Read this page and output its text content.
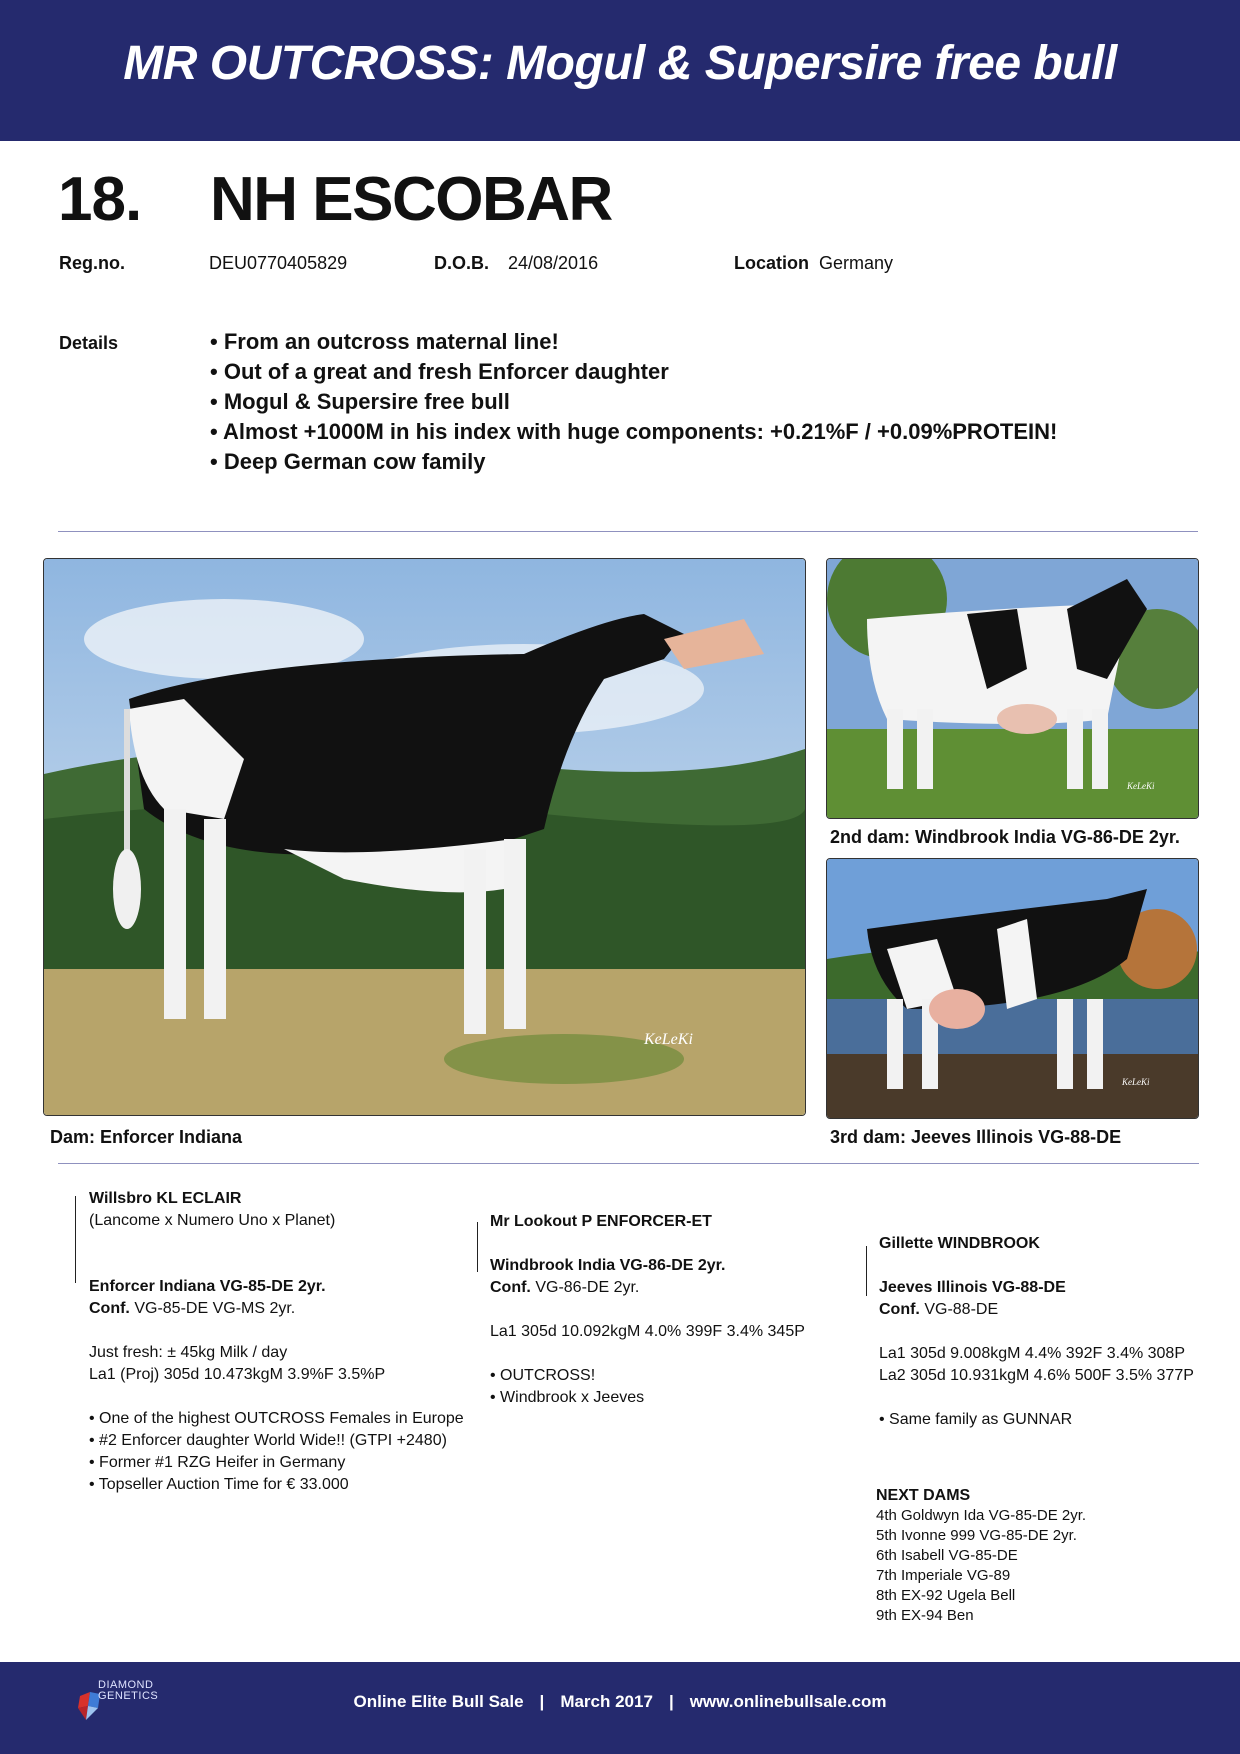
MR OUTCROSS: Mogul & Supersire free bull
18. NH ESCOBAR
Reg.no.	DEU0770405829	D.O.B. 24/08/2016	Location Germany
Details
•	From an outcross maternal line!
• Out of a great and fresh Enforcer daughter
• Mogul & Supersire free bull
• Almost +1000M in his index with huge components: +0.21%F / +0.09%PROTEIN!
• Deep German cow family
KeLeKi
Dam: Enforcer Indiana
KeLeKi
2nd dam: Windbrook India VG-86-DE 2yr.
KeLeKi
3rd dam: Jeeves Illinois VG-88-DE
Willsbro KL ECLAIR
(Lancome x Numero Uno x Planet)
Enforcer Indiana VG-85-DE 2yr.
Conf. VG-85-DE VG-MS 2yr.
Just fresh: ± 45kg Milk / day
La1 (Proj) 305d 10.473kgM 3.9%F 3.5%P
• One of the highest OUTCROSS Females in Europe
• #2 Enforcer daughter World Wide!! (GTPI +2480)
• Former #1 RZG Heifer in Germany
• Topseller Auction Time for € 33.000
Mr Lookout P ENFORCER-ET
Windbrook India VG-86-DE 2yr.
Conf. VG-86-DE 2yr.
La1 305d 10.092kgM 4.0% 399F 3.4% 345P
• OUTCROSS!
• Windbrook x Jeeves
Gillette WINDBROOK
Jeeves Illinois VG-88-DE
Conf. VG-88-DE
La1 305d 9.008kgM 4.4% 392F 3.4% 308P
La2 305d 10.931kgM 4.6% 500F 3.5% 377P
• Same family as GUNNAR
NEXT DAMS
4th Goldwyn Ida VG-85-DE 2yr.
5th Ivonne 999 VG-85-DE 2yr.
6th Isabell VG-85-DE
7th Imperiale VG-89
8th EX-92 Ugela Bell
9th EX-94 Ben
DIAMOND
GENETICS	Online Elite Bull Sale | March 2017 | www.onlinebullsale.com
